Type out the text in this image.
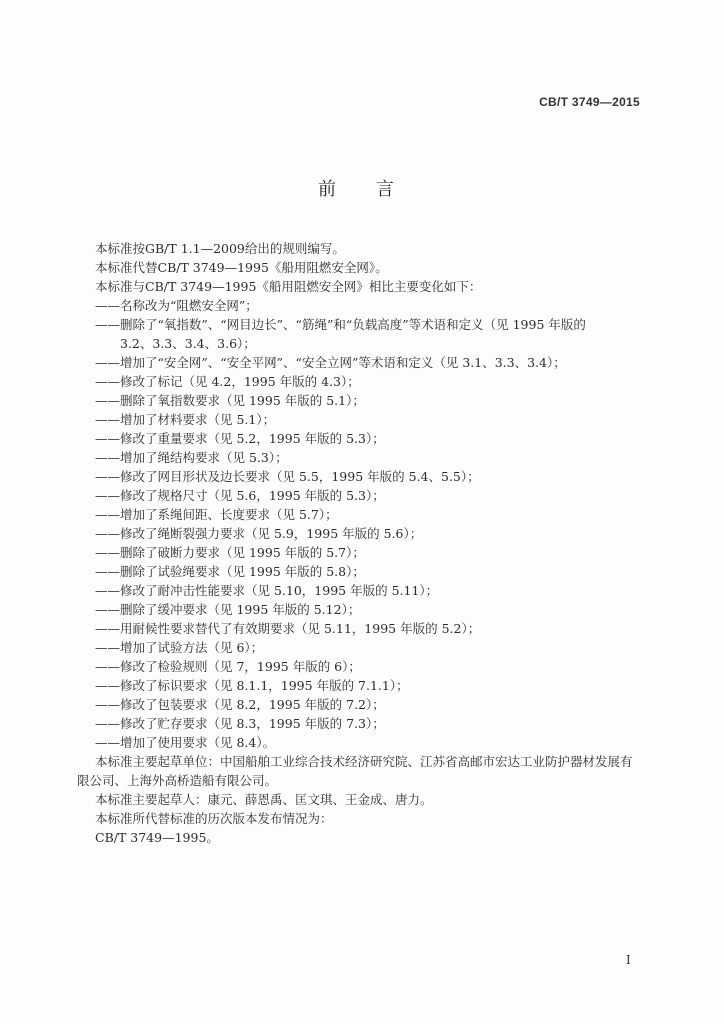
CB/T 3749—2015
前言
本标准按GB/T 1.1—2009给出的规则编写。
本标准代替CB/T 3749—1995《船用阻燃安全网》。
本标准与CB/T 3749—1995《船用阻燃安全网》相比主要变化如下：
——名称改为“阻燃安全网”；
——删除了“氧指数”、“网目边长”、“筋绳”和“负载高度”等术语和定义（见 1995 年版的
3.2、3.3、3.4、3.6）；
——增加了“安全网”、“安全平网”、“安全立网”等术语和定义（见 3.1、3.3、3.4）；
——修改了标记（见 4.2，1995 年版的 4.3）；
——删除了氧指数要求（见 1995 年版的 5.1）；
——增加了材料要求（见 5.1）；
——修改了重量要求（见 5.2，1995 年版的 5.3）；
——增加了绳结构要求（见 5.3）；
——修改了网目形状及边长要求（见 5.5，1995 年版的 5.4、5.5）；
——修改了规格尺寸（见 5.6，1995 年版的 5.3）；
——增加了系绳间距、长度要求（见 5.7）；
——修改了绳断裂强力要求（见 5.9，1995 年版的 5.6）；
——删除了破断力要求（见 1995 年版的 5.7）；
——删除了试验绳要求（见 1995 年版的 5.8）；
——修改了耐冲击性能要求（见 5.10，1995 年版的 5.11）；
——删除了缓冲要求（见 1995 年版的 5.12）；
——用耐候性要求替代了有效期要求（见 5.11，1995 年版的 5.2）；
——增加了试验方法（见 6）；
——修改了检验规则（见 7，1995 年版的 6）；
——修改了标识要求（见 8.1.1，1995 年版的 7.1.1）；
——修改了包装要求（见 8.2，1995 年版的 7.2）；
——修改了贮存要求（见 8.3，1995 年版的 7.3）；
——增加了使用要求（见 8.4）。
本标准主要起草单位：中国船舶工业综合技术经济研究院、江苏省高邮市宏达工业防护器材发展有
限公司、上海外高桥造船有限公司。
本标准主要起草人：康元、薛恩禹、匡文琪、王金成、唐力。
本标准所代替标准的历次版本发布情况为：
CB/T 3749—1995。
I
